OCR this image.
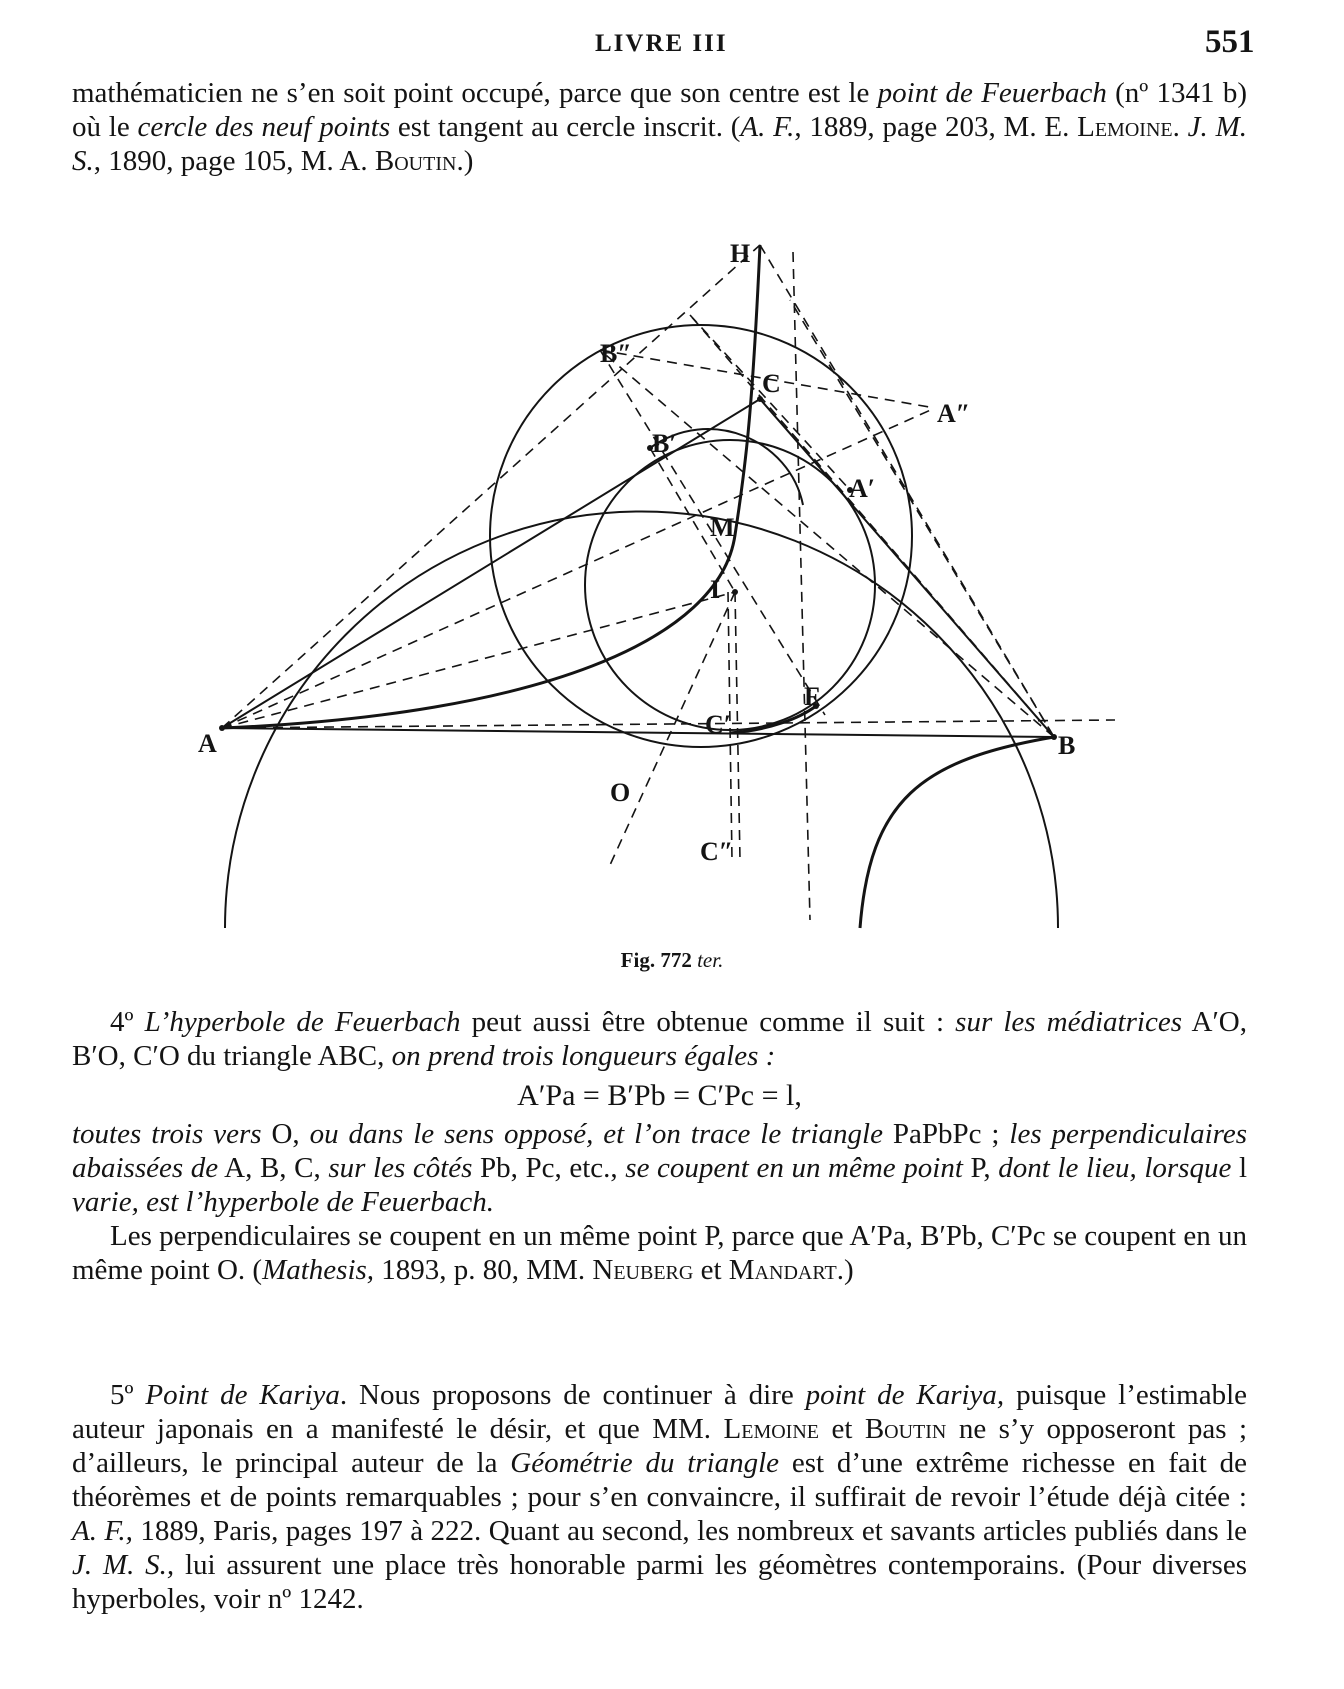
LIVRE III	551

mathématicien ne s’en soit point occupé, parce que son centre est le point de Feuerbach (nº 1341 b) où le cercle des neuf points est tangent au cercle inscrit. (A. F., 1889, page 203, M. E. Lemoine. J. M. S., 1890, page 105, M. A. Boutin.)

H
B″
C
A″
B′
A′
M
I
F
A
C′
B
O
C″
Fig. 772 ter.

4º L’hyperbole de Feuerbach peut aussi être obtenue comme il suit : sur les médiatrices A′O, B′O, C′O du triangle ABC, on prend trois longueurs égales :

A′Pa = B′Pb = C′Pc = l,

toutes trois vers O, ou dans le sens opposé, et l’on trace le triangle PaPbPc ; les perpendiculaires abaissées de A, B, C, sur les côtés Pb, Pc, etc., se coupent en un même point P, dont le lieu, lorsque l varie, est l’hyperbole de Feuerbach.

Les perpendiculaires se coupent en un même point P, parce que A′Pa, B′Pb, C′Pc se coupent en un même point O. (Mathesis, 1893, p. 80, MM. Neuberg et Mandart.)

5º Point de Kariya. Nous proposons de continuer à dire point de Kariya, puisque l’estimable auteur japonais en a manifesté le désir, et que MM. Lemoine et Boutin ne s’y opposeront pas ; d’ailleurs, le principal auteur de la Géométrie du triangle est d’une extrême richesse en fait de théorèmes et de points remarquables ; pour s’en convaincre, il suffirait de revoir l’étude déjà citée : A. F., 1889, Paris, pages 197 à 222. Quant au second, les nombreux et savants articles publiés dans le J. M. S., lui assurent une place très honorable parmi les géomètres contemporains. (Pour diverses hyperboles, voir nº 1242.
